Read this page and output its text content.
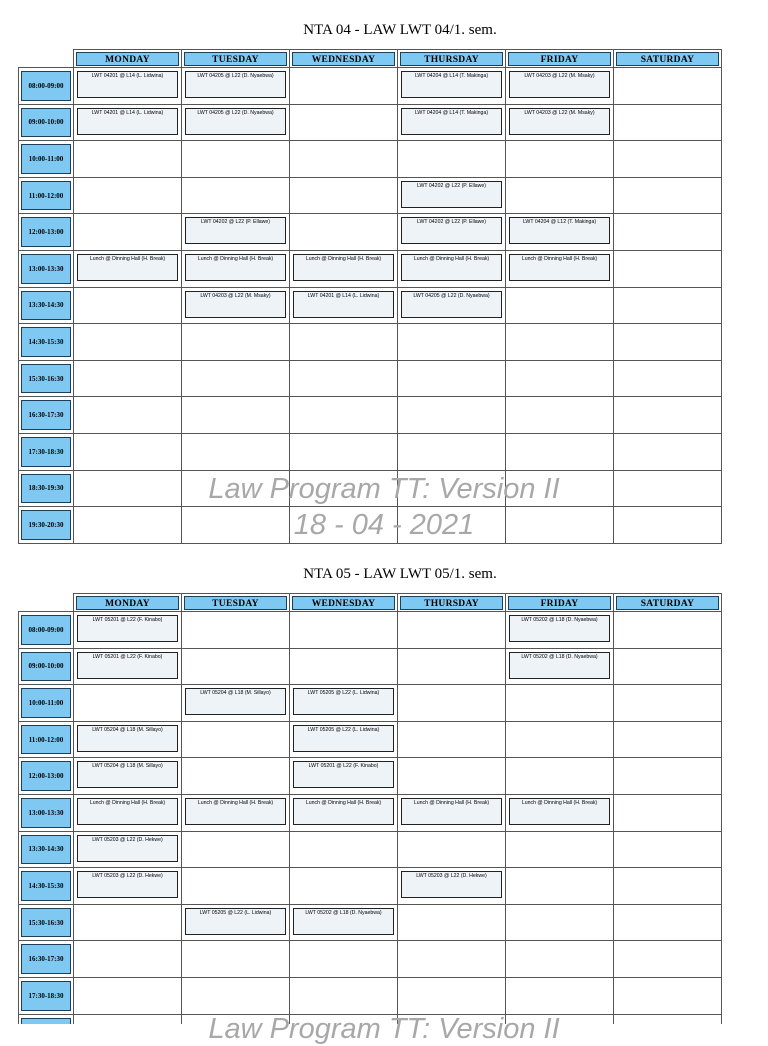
NTA 04 - LAW LWT 04/1. sem.

	MONDAY	TUESDAY	WEDNESDAY	THURSDAY	FRIDAY	SATURDAY

08:00-09:00	LWT 04201 @ L14 (L. Lidwina)	LWT 04205 @ L22 (D. Nyaebwa)		LWT 04204 @ L14 (T. Makinga)	LWT 04203 @ L22 (M. Msaky)	

09:00-10:00	LWT 04201 @ L14 (L. Lidwina)	LWT 04205 @ L22 (D. Nyaebwa)		LWT 04204 @ L14 (T. Makinga)	LWT 04203 @ L22 (M. Msaky)	

10:00-11:00						

11:00-12:00				LWT 04202 @ L22 (P. Ellawe)		

12:00-13:00		LWT 04202 @ L22 (P. Ellawe)		LWT 04202 @ L22 (P. Ellawe)	LWT 04204 @ L12 (T. Makinga)	

13:00-13:30	Lunch @ Dinning Hall (H. Break)	Lunch @ Dinning Hall (H. Break)	Lunch @ Dinning Hall (H. Break)	Lunch @ Dinning Hall (H. Break)	Lunch @ Dinning Hall (H. Break)	

13:30-14:30		LWT 04203 @ L22 (M. Msaky)	LWT 04201 @ L14 (L. Lidwina)	LWT 04205 @ L22 (D. Nyaebwa)		

14:30-15:30						

15:30-16:30						

16:30-17:30						

17:30-18:30						

18:30-19:30						

19:30-20:30						

Law Program TT: Version II
18 - 04 - 2021
NTA 05 - LAW LWT 05/1. sem.

	MONDAY	TUESDAY	WEDNESDAY	THURSDAY	FRIDAY	SATURDAY

08:00-09:00	LWT 05201 @ L22 (F. Kinabo)				LWT 05202 @ L18 (D. Nyaebwa)	

09:00-10:00	LWT 05201 @ L22 (F. Kinabo)				LWT 05202 @ L18 (D. Nyaebwa)	

10:00-11:00		LWT 05204 @ L18 (M. Sillayo)	LWT 05205 @ L22 (L. Lidwina)			

11:00-12:00	LWT 05204 @ L18 (M. Sillayo)		LWT 05205 @ L22 (L. Lidwina)			

12:00-13:00	LWT 05204 @ L18 (M. Sillayo)		LWT 05201 @ L22 (F. Kinabo)			

13:00-13:30	Lunch @ Dinning Hall (H. Break)	Lunch @ Dinning Hall (H. Break)	Lunch @ Dinning Hall (H. Break)	Lunch @ Dinning Hall (H. Break)	Lunch @ Dinning Hall (H. Break)	

13:30-14:30	LWT 05203 @ L22 (D. Hekwe)					

14:30-15:30	LWT 05203 @ L22 (D. Hekwe)			LWT 05203 @ L22 (D. Hekwe)		

15:30-16:30		LWT 05205 @ L22 (L. Lidwina)	LWT 05202 @ L18 (D. Nyaebwa)			

16:30-17:30						

17:30-18:30						

Law Program TT: Version II
